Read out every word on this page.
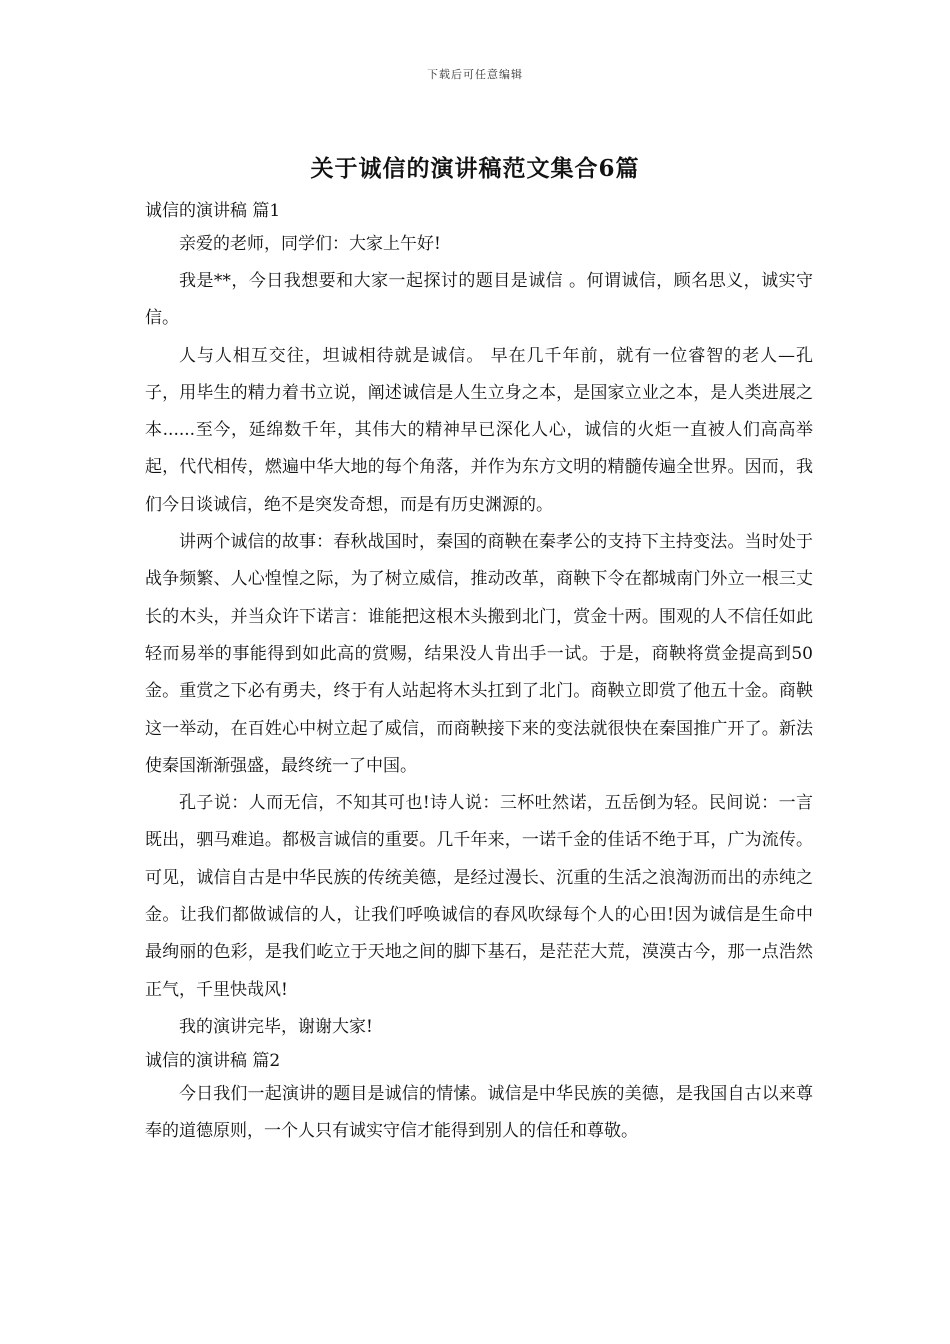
下载后可任意编辑
关于诚信的演讲稿范文集合6篇

诚信的演讲稿 篇1

亲爱的老师，同学们：大家上午好!

我是**，今日我想要和大家一起探讨的题目是诚信 。何谓诚信，顾名思义，诚实守信。

人与人相互交往，坦诚相待就是诚信。 早在几千年前，就有一位睿智的老人—孔子，用毕生的精力着书立说，阐述诚信是人生立身之本，是国家立业之本，是人类进展之本......至今，延绵数千年，其伟大的精神早已深化人心，诚信的火炬一直被人们高高举起，代代相传，燃遍中华大地的每个角落，并作为东方文明的精髓传遍全世界。因而，我们今日谈诚信，绝不是突发奇想，而是有历史渊源的。

讲两个诚信的故事：春秋战国时，秦国的商鞅在秦孝公的支持下主持变法。当时处于战争频繁、人心惶惶之际，为了树立威信，推动改革，商鞅下令在都城南门外立一根三丈长的木头，并当众许下诺言：谁能把这根木头搬到北门，赏金十两。围观的人不信任如此轻而易举的事能得到如此高的赏赐，结果没人肯出手一试。于是，商鞅将赏金提高到50金。重赏之下必有勇夫，终于有人站起将木头扛到了北门。商鞅立即赏了他五十金。商鞅这一举动，在百姓心中树立起了威信，而商鞅接下来的变法就很快在秦国推广开了。新法使秦国渐渐强盛，最终统一了中国。

孔子说：人而无信，不知其可也!诗人说：三杯吐然诺，五岳倒为轻。民间说：一言既出，驷马难追。都极言诚信的重要。几千年来，一诺千金的佳话不绝于耳，广为流传。可见，诚信自古是中华民族的传统美德，是经过漫长、沉重的生活之浪淘沥而出的赤纯之金。让我们都做诚信的人，让我们呼唤诚信的春风吹绿每个人的心田!因为诚信是生命中最绚丽的色彩，是我们屹立于天地之间的脚下基石，是茫茫大荒，漠漠古今，那一点浩然正气，千里快哉风!

我的演讲完毕，谢谢大家!

诚信的演讲稿 篇2

今日我们一起演讲的题目是诚信的情愫。诚信是中华民族的美德，是我国自古以来尊奉的道德原则，一个人只有诚实守信才能得到别人的信任和尊敬。
